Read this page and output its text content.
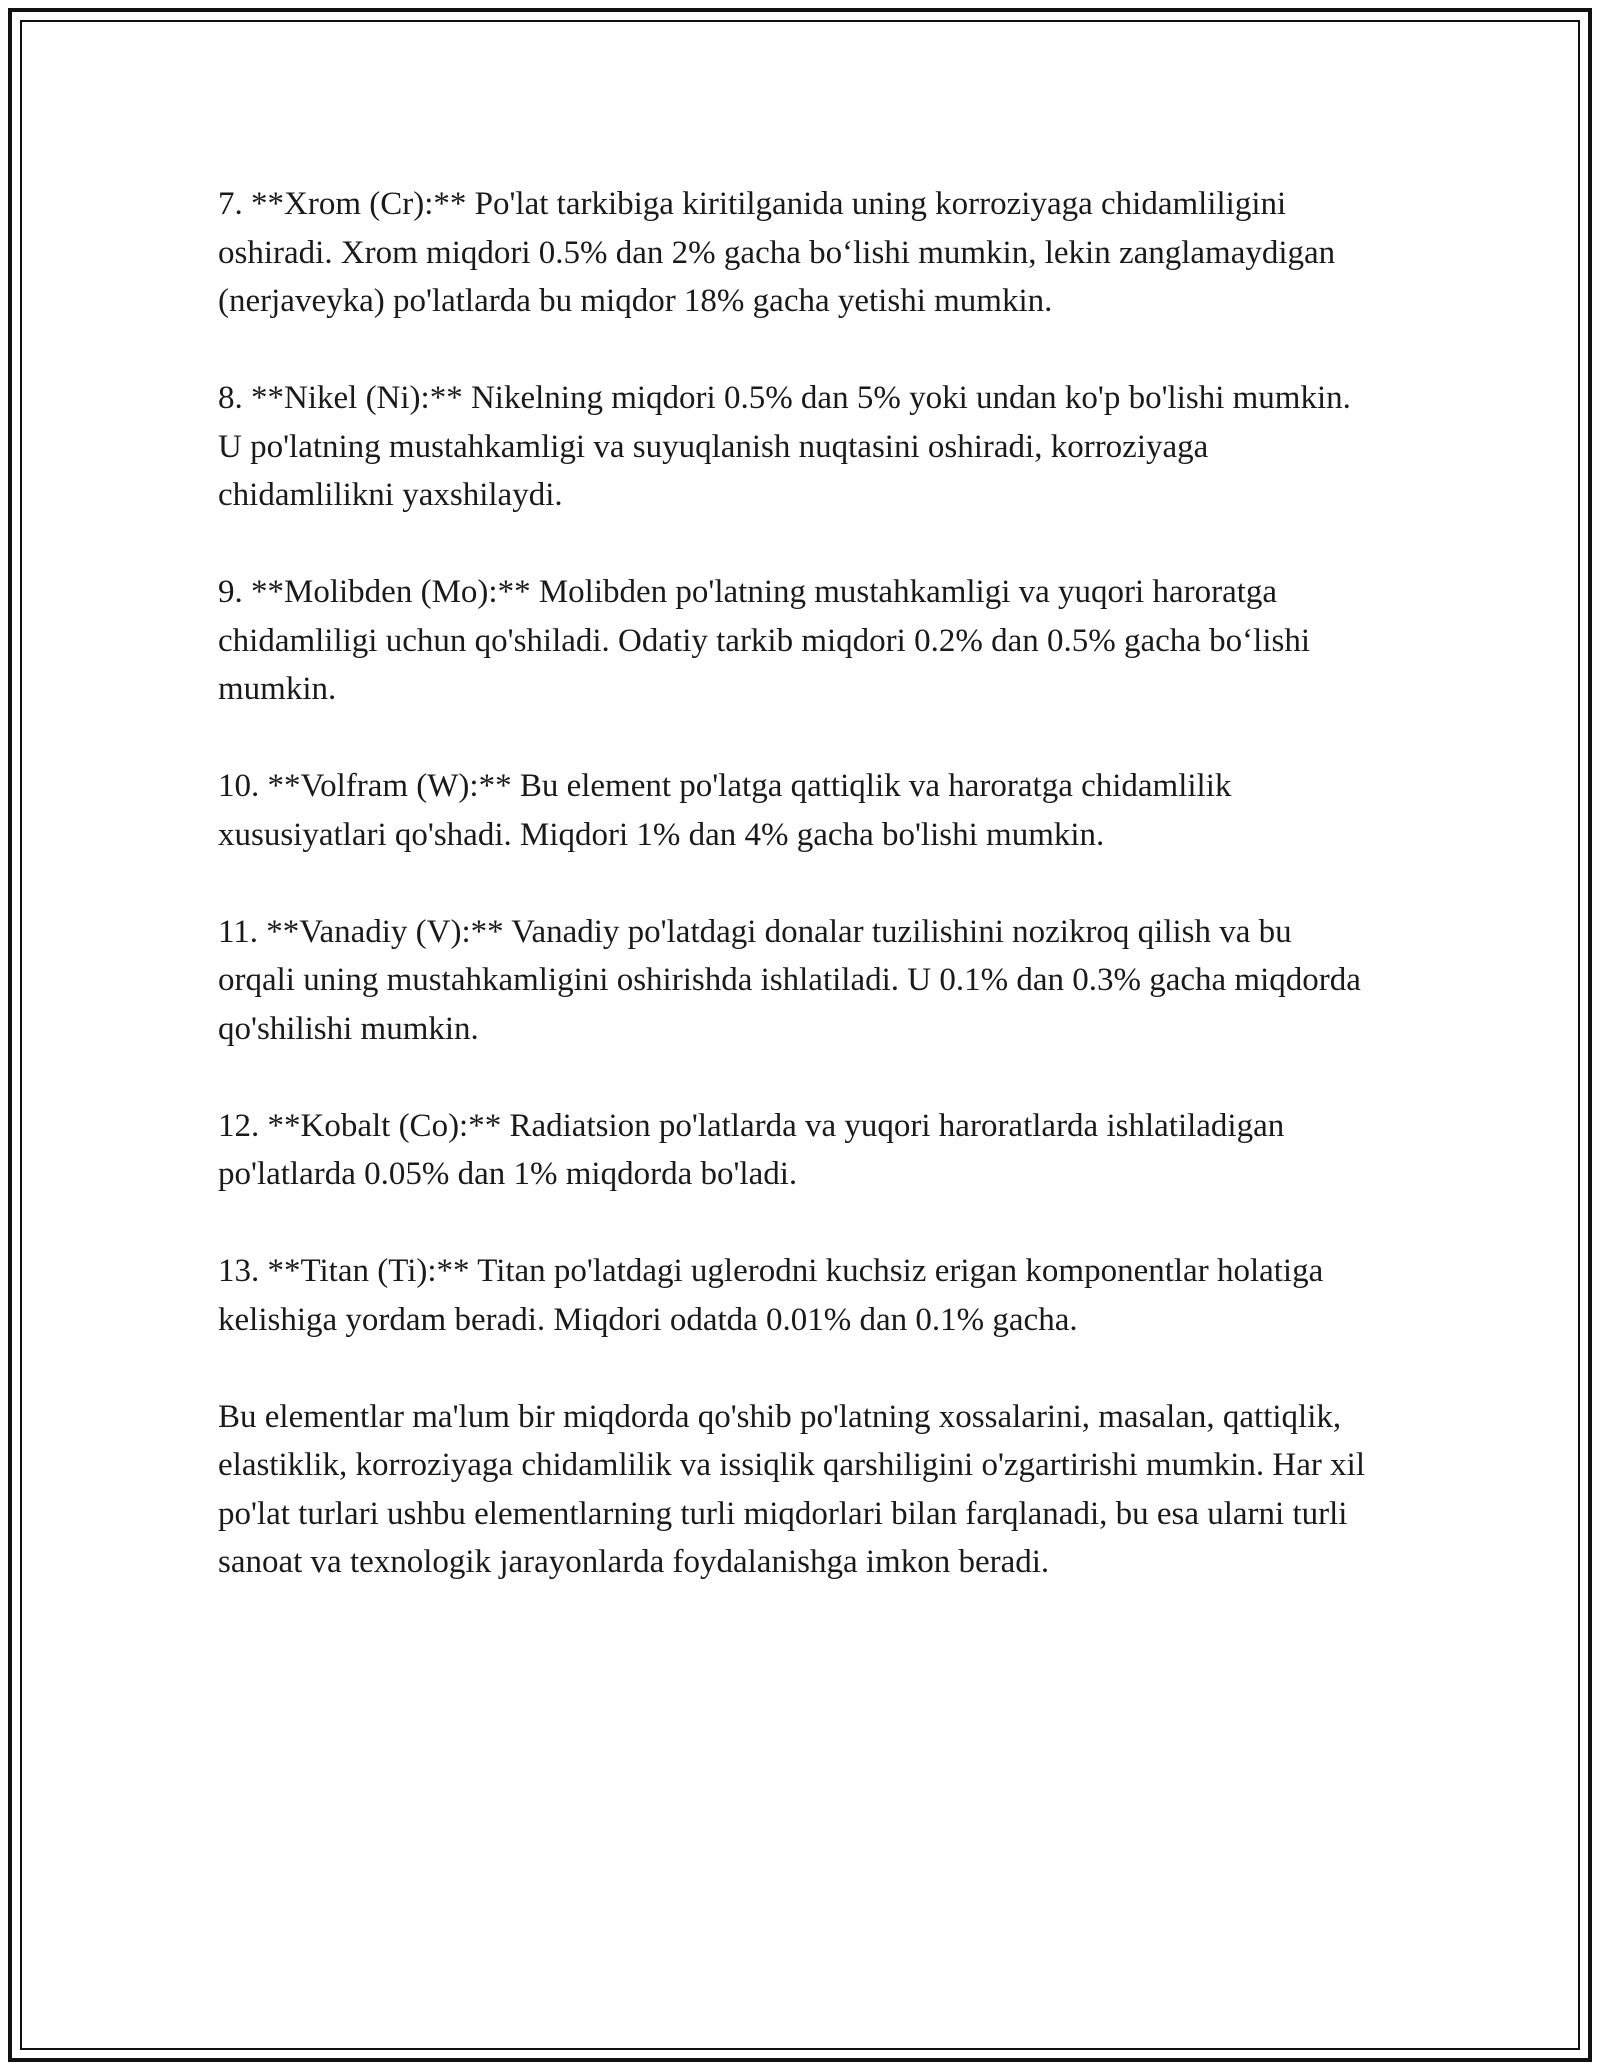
7. **Xrom (Cr):** Po'lat tarkibiga kiritilganida uning korroziyaga chidamliligini oshiradi. Xrom miqdori 0.5% dan 2% gacha bo‘lishi mumkin, lekin zanglamaydigan (nerjaveyka) po'latlarda bu miqdor 18% gacha yetishi mumkin.

8. **Nikel (Ni):** Nikelning miqdori 0.5% dan 5% yoki undan ko'p bo'lishi mumkin. U po'latning mustahkamligi va suyuqlanish nuqtasini oshiradi, korroziyaga chidamlilikni yaxshilaydi.

9. **Molibden (Mo):** Molibden po'latning mustahkamligi va yuqori haroratga chidamliligi uchun qo'shiladi. Odatiy tarkib miqdori 0.2% dan 0.5% gacha bo‘lishi mumkin.

10. **Volfram (W):** Bu element po'latga qattiqlik va haroratga chidamlilik xususiyatlari qo'shadi. Miqdori 1% dan 4% gacha bo'lishi mumkin.

11. **Vanadiy (V):** Vanadiy po'latdagi donalar tuzilishini nozikroq qilish va bu orqali uning mustahkamligini oshirishda ishlatiladi. U 0.1% dan 0.3% gacha miqdorda qo'shilishi mumkin.

12. **Kobalt (Co):** Radiatsion po'latlarda va yuqori haroratlarda ishlatiladigan po'latlarda 0.05% dan 1% miqdorda bo'ladi.

13. **Titan (Ti):** Titan po'latdagi uglerodni kuchsiz erigan komponentlar holatiga kelishiga yordam beradi. Miqdori odatda 0.01% dan 0.1% gacha.

Bu elementlar ma'lum bir miqdorda qo'shib po'latning xossalarini, masalan, qattiqlik, elastiklik, korroziyaga chidamlilik va issiqlik qarshiligini o'zgartirishi mumkin. Har xil po'lat turlari ushbu elementlarning turli miqdorlari bilan farqlanadi, bu esa ularni turli sanoat va texnologik jarayonlarda foydalanishga imkon beradi.
